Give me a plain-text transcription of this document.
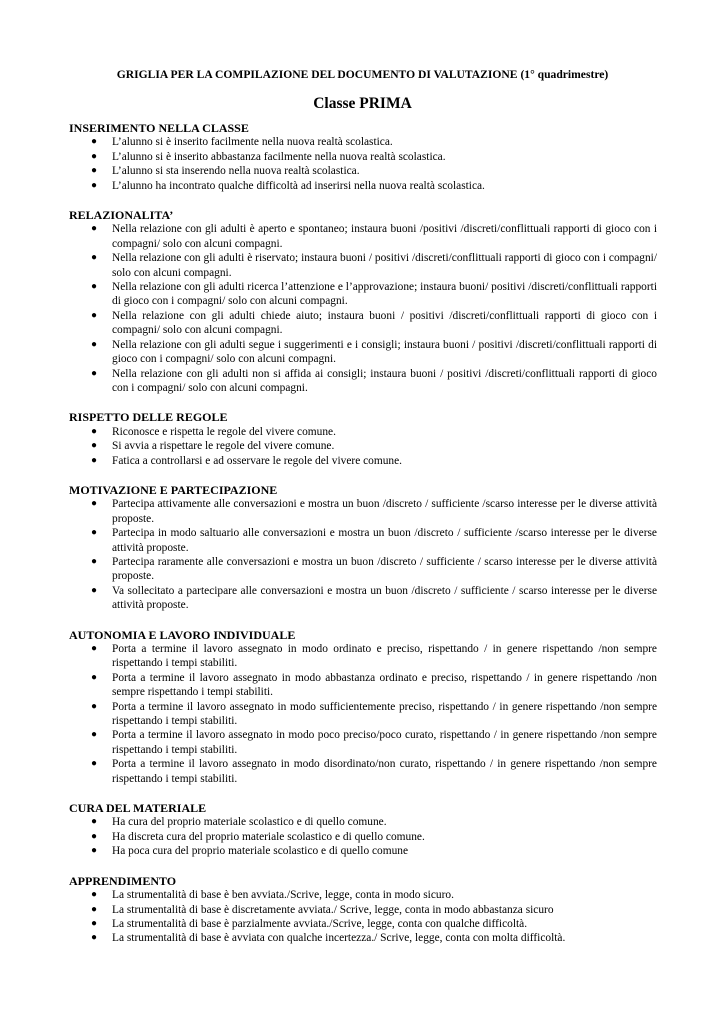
GRIGLIA PER LA COMPILAZIONE DEL DOCUMENTO DI VALUTAZIONE (1° quadrimestre)
Classe PRIMA
INSERIMENTO NELLA CLASSE
● L’alunno si è inserito facilmente nella nuova realtà scolastica.
● L’alunno si è inserito abbastanza facilmente nella nuova realtà scolastica.
● L’alunno si sta inserendo nella nuova realtà scolastica.
● L’alunno ha incontrato qualche difficoltà ad inserirsi nella nuova realtà scolastica.
RELAZIONALITA’
● Nella relazione con gli adulti è aperto e spontaneo; instaura buoni /positivi /discreti/conflittuali rapporti di gioco con i compagni/ solo con alcuni compagni.
● Nella relazione con gli adulti è riservato; instaura buoni / positivi /discreti/conflittuali rapporti di gioco con i compagni/ solo con alcuni compagni.
● Nella relazione con gli adulti ricerca l’attenzione e l’approvazione; instaura buoni/ positivi /discreti/conflittuali rapporti di gioco con i compagni/ solo con alcuni compagni.
● Nella relazione con gli adulti chiede aiuto; instaura buoni / positivi /discreti/conflittuali rapporti di gioco con i compagni/ solo con alcuni compagni.
● Nella relazione con gli adulti segue i suggerimenti e i consigli; instaura buoni / positivi /discreti/conflittuali rapporti di gioco con i compagni/ solo con alcuni compagni.
● Nella relazione con gli adulti non si affida ai consigli; instaura buoni / positivi /discreti/conflittuali rapporti di gioco con i compagni/ solo con alcuni compagni.
RISPETTO DELLE REGOLE
● Riconosce e rispetta le regole del vivere comune.
● Si avvia a rispettare le regole del vivere comune.
● Fatica a controllarsi e ad osservare le regole del vivere comune.
MOTIVAZIONE E PARTECIPAZIONE
● Partecipa attivamente alle conversazioni e mostra un buon /discreto / sufficiente /scarso interesse per le diverse attività proposte.
● Partecipa in modo saltuario alle conversazioni e mostra un buon /discreto / sufficiente /scarso interesse per le diverse attività proposte.
● Partecipa raramente alle conversazioni e mostra un buon /discreto / sufficiente / scarso interesse per le diverse attività proposte.
● Va sollecitato a partecipare alle conversazioni e mostra un buon /discreto / sufficiente / scarso interesse per le diverse attività proposte.
AUTONOMIA E LAVORO INDIVIDUALE
● Porta a termine il lavoro assegnato in modo ordinato e preciso, rispettando / in genere rispettando /non sempre rispettando i tempi stabiliti.
● Porta a termine il lavoro assegnato in modo abbastanza ordinato e preciso, rispettando / in genere rispettando /non sempre rispettando i tempi stabiliti.
● Porta a termine il lavoro assegnato in modo sufficientemente preciso, rispettando / in genere rispettando /non sempre rispettando i tempi stabiliti.
● Porta a termine il lavoro assegnato in modo poco preciso/poco curato, rispettando / in genere rispettando /non sempre rispettando i tempi stabiliti.
● Porta a termine il lavoro assegnato in modo disordinato/non curato, rispettando / in genere rispettando /non sempre rispettando i tempi stabiliti.
CURA DEL MATERIALE
● Ha cura del proprio materiale scolastico e di quello comune.
● Ha discreta cura del proprio materiale scolastico e di quello comune.
● Ha poca cura del proprio materiale scolastico e di quello comune
APPRENDIMENTO
● La strumentalità di base è ben avviata./Scrive, legge, conta in modo sicuro.
● La strumentalità di base è discretamente avviata./ Scrive, legge, conta in modo abbastanza sicuro
● La strumentalità di base è parzialmente avviata./Scrive, legge, conta con qualche difficoltà.
● La strumentalità di base è avviata con qualche incertezza./ Scrive, legge, conta con molta difficoltà.
